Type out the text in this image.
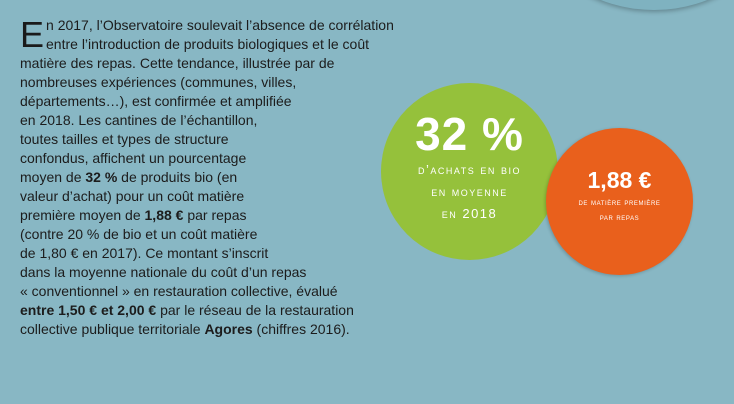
E n 2017, l’Observatoire soulevait l’absence de corrélation
entre l’introduction de produits biologiques et le coût
matière des repas. Cette tendance, illustrée par de
nombreuses expériences (communes, villes,
départements…), est confirmée et amplifiée
en 2018. Les cantines de l’échantillon,
toutes tailles et types de structure
confondus, affichent un pourcentage
moyen de 32 % de produits bio (en
valeur d’achat) pour un coût matière
première moyen de 1,88 € par repas
(contre 20 % de bio et un coût matière
de 1,80 € en 2017). Ce montant s’inscrit
dans la moyenne nationale du coût d’un repas
« conventionnel » en restauration collective, évalué
entre 1,50 € et 2,00 € par le réseau de la restauration
collective publique territoriale Agores (chiffres 2016).
32 %
d’achats en bio
en moyenne
en 2018
1,88 €
de matière première
par repas
